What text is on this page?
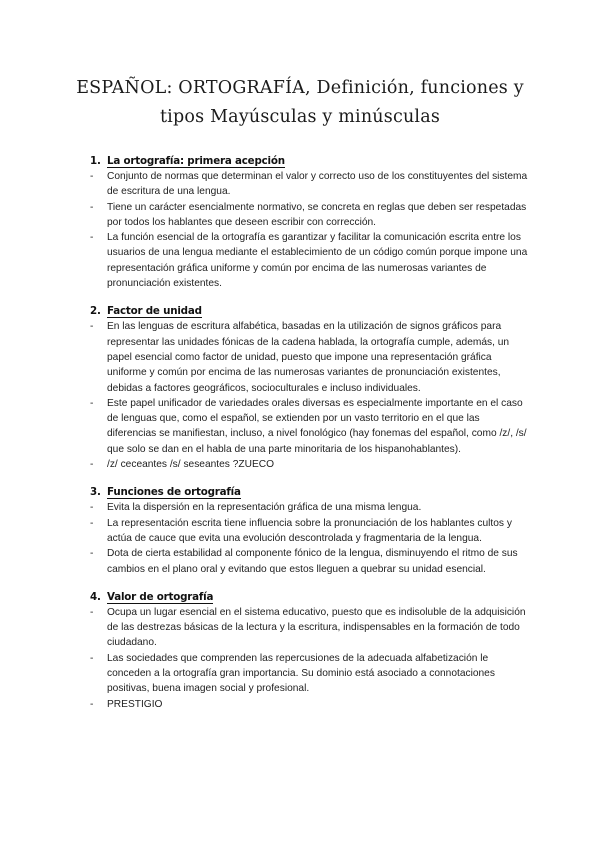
ESPAÑOL: ORTOGRAFÍA, Definición, funciones y tipos Mayúsculas y minúsculas
1. La ortografía: primera acepción
- Conjunto de normas que determinan el valor y correcto uso de los constituyentes del sistema de escritura de una lengua.
- Tiene un carácter esencialmente normativo, se concreta en reglas que deben ser respetadas por todos los hablantes que deseen escribir con corrección.
- La función esencial de la ortografía es garantizar y facilitar la comunicación escrita entre los usuarios de una lengua mediante el establecimiento de un código común porque impone una representación gráfica uniforme y común por encima de las numerosas variantes de pronunciación existentes.
2. Factor de unidad
- En las lenguas de escritura alfabética, basadas en la utilización de signos gráficos para representar las unidades fónicas de la cadena hablada, la ortografía cumple, además, un papel esencial como factor de unidad, puesto que impone una representación gráfica uniforme y común por encima de las numerosas variantes de pronunciación existentes, debidas a factores geográficos, socioculturales e incluso individuales.
- Este papel unificador de variedades orales diversas es especialmente importante en el caso de lenguas que, como el español, se extienden por un vasto territorio en el que las diferencias se manifiestan, incluso, a nivel fonológico (hay fonemas del español, como /z/, /s/ que solo se dan en el habla de una parte minoritaria de los hispanohablantes).
- /z/ ceceantes /s/ seseantes ?ZUECO
3. Funciones de ortografía
- Evita la dispersión en la representación gráfica de una misma lengua.
- La representación escrita tiene influencia sobre la pronunciación de los hablantes cultos y actúa de cauce que evita una evolución descontrolada y fragmentaria de la lengua.
- Dota de cierta estabilidad al componente fónico de la lengua, disminuyendo el ritmo de sus cambios en el plano oral y evitando que estos lleguen a quebrar su unidad esencial.
4. Valor de ortografía
- Ocupa un lugar esencial en el sistema educativo, puesto que es indisoluble de la adquisición de las destrezas básicas de la lectura y la escritura, indispensables en la formación de todo ciudadano.
- Las sociedades que comprenden las repercusiones de la adecuada alfabetización le conceden a la ortografía gran importancia. Su dominio está asociado a connotaciones positivas, buena imagen social y profesional.
- PRESTIGIO
